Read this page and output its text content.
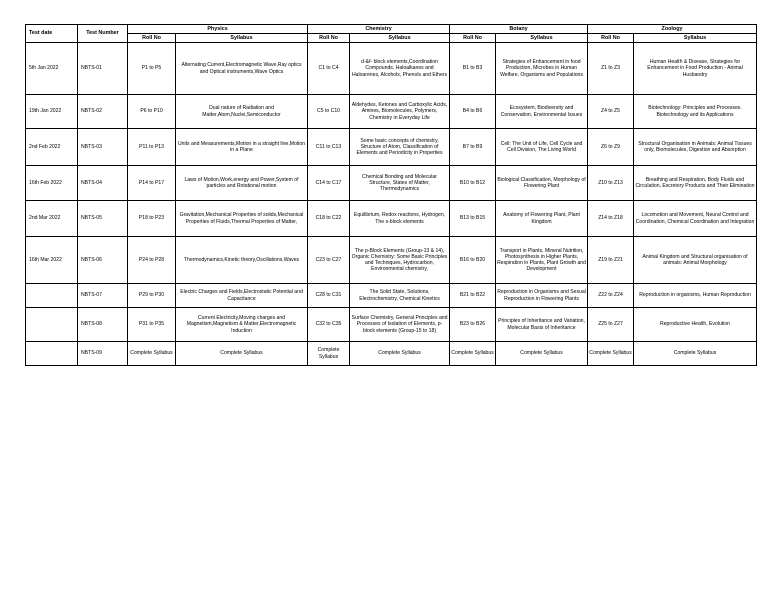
Test date	Test Number	Physics		Chemistry		Botany		Zoology	
		Roll No	Syllabus	Roll No	Syllabus	Roll No	Syllabus	Roll No	Syllabus
5th Jan 2022	NBTS-01	P1 to P5	Alternating Current,Electromagnetic Wave,Ray optics and Optical instruments,Wave Optics	C1 to C4	d-&f- block elements,Coordination Compounds, Haloalkanes and Haloarenes, Alcohols, Phenols and Ethers	B1 to B3	Strategies of Enhancement in food Production, Microbes in Human Welfare, Organisms and Populations	Z1 to Z3	Human Health & Disease, Strategies for Enhancement in Food Production - Animal Husbandry
19th Jan 2022	NBTS-02	P6 to P10	Dual nature of Radiation and Matter,Atom,Nuclei,Semiconductor	C5 to C10	Aldehydes, Ketones and Carboxylic Acids, Amines, Biomolecules, Polymers, Chemistry in Everyday Life	B4 to B6	Ecosystem, Biodiversity and Conservation, Environmental Issues	Z4 to Z5	Biotechnology: Principles and Processes. Biotechnology and its Applications
2nd Feb 2022	NBTS-03	P11 to P13	Units and Measurements,Motion in a straight line,Motion in a Plane	C11 to C13	Some basic concepts of chemistry, Structure of Atom, Classification of Elements and Periodicity in Properties	B7 to B9	Cell: The Unit of Life, Cell Cycle and Cell Division, The Living World	Z6 to Z9	Structural Organisation in Animals: Animal Tissues only, Biomolecules, Digestion and Absorption
16th Feb 2022	NBTS-04	P14 to P17	Laws of Motion,Work,energy and Power,System of particles and Rotational motion	C14 to C17	Chemical Bonding and Molecular Structure, States of Matter, Thermodynamics	B10 to B12	Biological Classification, Morphology of Flowering Plant	Z10 to Z13	Breathing and Respiration, Body Fluids and Circulation, Excretory Products and Their Elimination
2nd Mar 2022	NBTS-05	P18 to P23	Gravitation,Mechanical Properties of solids,Mechanical Properties of Fluids,Thermal Properties of Matter,	C18 to C22	Equilibrium, Redox reactions, Hydrogen, The s-block elements	B13 to B15	Anatomy of Flowering Plant, Plant Kingdom	Z14 to Z18	Locomotion and Movement, Neural Control and Coordination, Chemical Coordination and Integration
16th Mar 2022	NBTS-06	P24 to P28	Thermodynamics,Kinetic theory,Oscillations,Waves	C23 to C27	The p-Block Elements (Group-13 & 14), Organic Chemistry: Some Basic Principles and Techniques, Hydrocarbon, Environmental chemistry,	B16 to B20	Transport in Plants, Mineral Nutrition, Photosynthesis in Higher Plants, Respiration in Plants, Plant Growth and Development	Z19 to Z21	Animal Kingdom and Structural organisation of animals: Animal Morphology
	NBTS-07	P29 to P30	Electric Charges and Fields,Electrostatic Potential and Capacitance	C28 to C31	The Solid State, Solutions, Electrochemistry, Chemical Kinetics	B21 to B22	Reproduction in Organisms and Sexual Reproduction in Flowering Plants	Z22 to Z24	Reproduction in organisms, Human Reproduction
	NBTS-08	P31 to P35	Current Electricity,Moving charges and Magnetism,Magnetism & Matter,Electromagnetic Induction	C32 to C35	Surface Chemistry, General Principles and Processes of Isolation of Elements, p-block elements (Group-15 to 18)	B23 to B26	Principles of Inheritance and Variation, Molecular Basis of Inheritance	Z25 to Z27	Reproductive Health, Evolution
	NBTS-09	Complete Syllabus	Complete Syllabus	Complete Syllabus	Complete Syllabus	Complete Syllabus	Complete Syllabus	Complete Syllabus	Complete Syllabus
